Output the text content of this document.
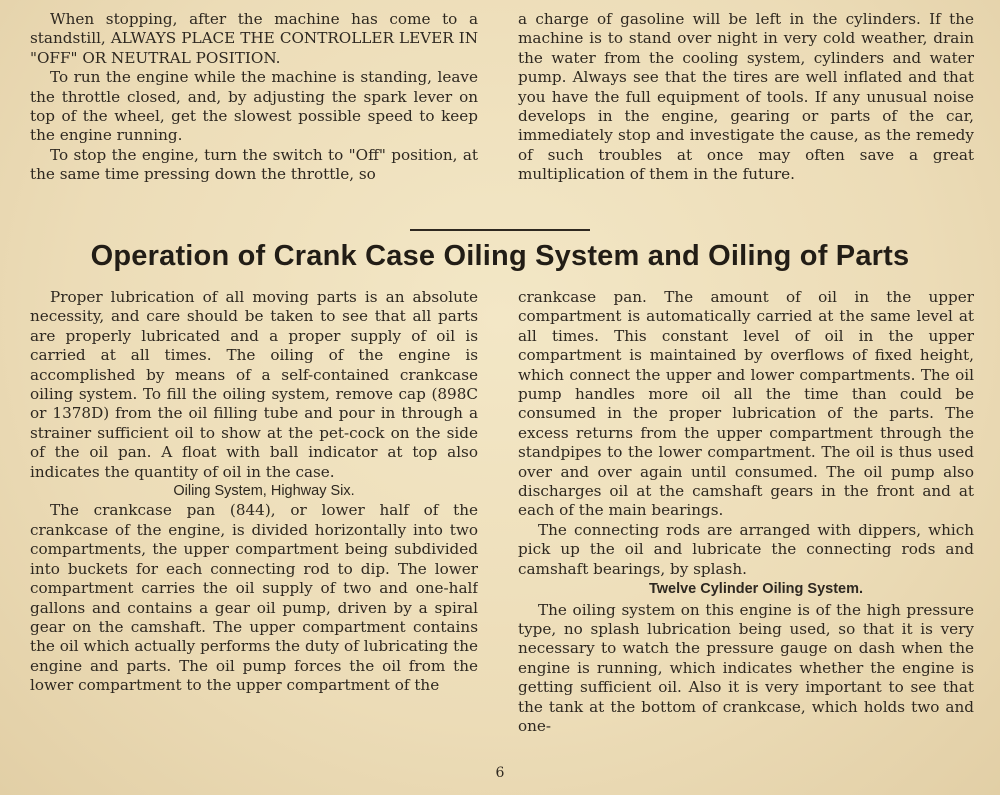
When stopping, after the machine has come to a standstill, ALWAYS PLACE THE CONTROLLER LEVER IN "OFF" OR NEUTRAL POSITION.

To run the engine while the machine is standing, leave the throttle closed, and, by adjusting the spark lever on top of the wheel, get the slowest possible speed to keep the engine running.

To stop the engine, turn the switch to "Off" position, at the same time pressing down the throttle, so

a charge of gasoline will be left in the cylinders. If the machine is to stand over night in very cold weather, drain the water from the cooling system, cylinders and water pump. Always see that the tires are well inflated and that you have the full equipment of tools. If any unusual noise develops in the engine, gearing or parts of the car, immediately stop and investigate the cause, as the remedy of such troubles at once may often save a great multiplication of them in the future.

Operation of Crank Case Oiling System and Oiling of Parts

Proper lubrication of all moving parts is an absolute necessity, and care should be taken to see that all parts are properly lubricated and a proper supply of oil is carried at all times. The oiling of the engine is accomplished by means of a self-contained crankcase oiling system. To fill the oiling system, remove cap (898C or 1378D) from the oil filling tube and pour in through a strainer sufficient oil to show at the pet-cock on the side of the oil pan. A float with ball indicator at top also indicates the quantity of oil in the case.

Oiling System, Highway Six.

The crankcase pan (844), or lower half of the crankcase of the engine, is divided horizontally into two compartments, the upper compartment being subdivided into buckets for each connecting rod to dip. The lower compartment carries the oil supply of two and one-half gallons and contains a gear oil pump, driven by a spiral gear on the camshaft. The upper compartment contains the oil which actually performs the duty of lubricating the engine and parts. The oil pump forces the oil from the lower compartment to the upper compartment of the

crankcase pan. The amount of oil in the upper compartment is automatically carried at the same level at all times. This constant level of oil in the upper compartment is maintained by overflows of fixed height, which connect the upper and lower compartments. The oil pump handles more oil all the time than could be consumed in the proper lubrication of the parts. The excess returns from the upper compartment through the standpipes to the lower compartment. The oil is thus used over and over again until consumed. The oil pump also discharges oil at the camshaft gears in the front and at each of the main bearings.

The connecting rods are arranged with dippers, which pick up the oil and lubricate the connecting rods and camshaft bearings, by splash.

Twelve Cylinder Oiling System.

The oiling system on this engine is of the high pressure type, no splash lubrication being used, so that it is very necessary to watch the pressure gauge on dash when the engine is running, which indicates whether the engine is getting sufficient oil. Also it is very important to see that the tank at the bottom of crankcase, which holds two and one-

6
